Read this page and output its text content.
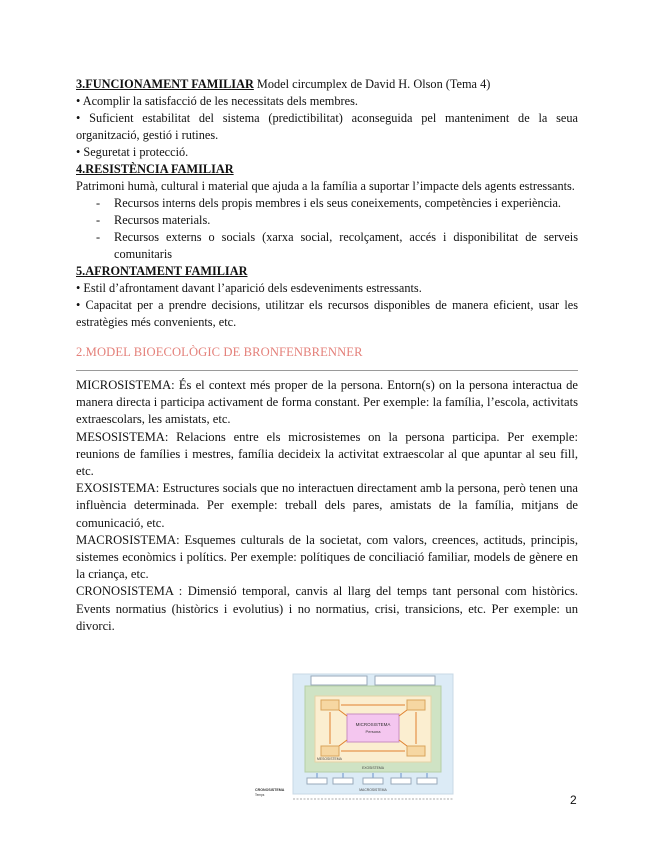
3.FUNCIONAMENT FAMILIAR Model circumplex de David H. Olson (Tema 4)

• Acomplir la satisfacció de les necessitats dels membres.

• Suficient estabilitat del sistema (predictibilitat) aconseguida pel manteniment de la seua organització, gestió i rutines.

• Seguretat i protecció.

4.RESISTÈNCIA FAMILIAR

Patrimoni humà, cultural i material que ajuda a la família a suportar l’impacte dels agents estressants.

- Recursos interns dels propis membres i els seus coneixements, competències i experiència.
- Recursos materials.
- Recursos externs o socials (xarxa social, recolçament, accés i disponibilitat de serveis comunitaris

5.AFRONTAMENT FAMILIAR

• Estil d’afrontament davant l’aparició dels esdeveniments estressants.

• Capacitat per a prendre decisions, utilitzar els recursos disponibles de manera eficient, usar les estratègies més convenients, etc.

2.MODEL BIOECOLÒGIC DE BRONFENBRENNER

MICROSISTEMA: És el context més proper de la persona. Entorn(s) on la persona interactua de manera directa i participa activament de forma constant. Per exemple: la família, l’escola, activitats extraescolars, les amistats, etc.

MESOSISTEMA: Relacions entre els microsistemes on la persona participa. Per exemple: reunions de famílies i mestres, família decideix la activitat extraescolar al que apuntar al seu fill, etc.

EXOSISTEMA: Estructures socials que no interactuen directament amb la persona, però tenen una influència determinada. Per exemple: treball dels pares, amistats de la família, mitjans de comunicació, etc.

MACROSISTEMA: Esquemes culturals de la societat, com valors, creences, actituds, principis, sistemes econòmics i polítics. Per exemple: polítiques de conciliació familiar, models de gènere en la criança, etc.

CRONOSISTEMA : Dimensió temporal, canvis al llarg del temps tant personal com històrics. Events normatius (històrics i evolutius) i no normatius, crisi, transicions, etc. Per exemple: un divorci.

MICROSISTEMA
Persona
MESOSISTEMA
EXOSISTEMA
MACROSISTEMA
CRONOSISTEMA
Temps	2
